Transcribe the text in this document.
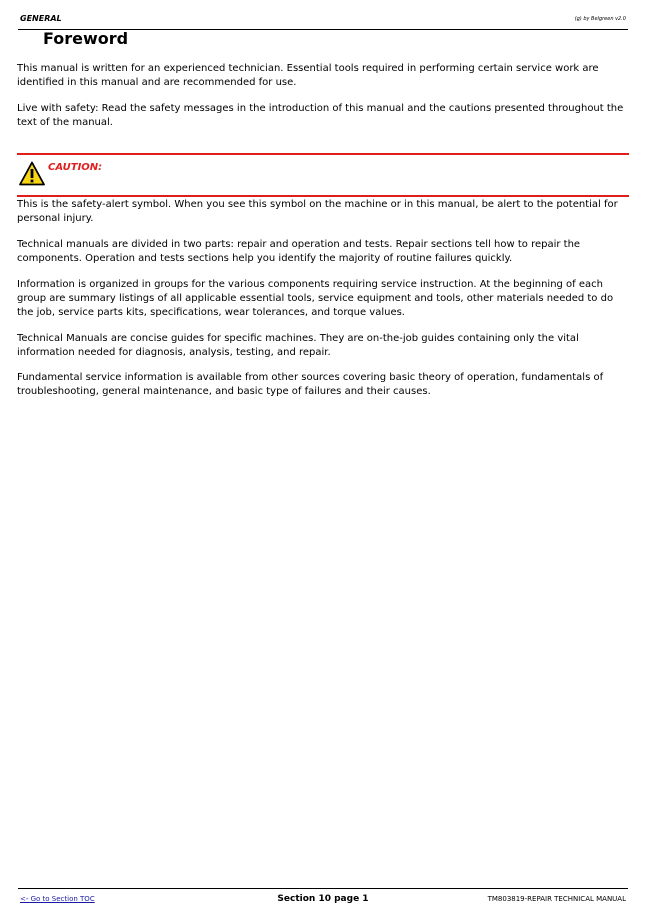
GENERAL	(g) by Belgreen v2.0
Foreword

This manual is written for an experienced technician. Essential tools required in performing certain service work are identified in this manual and are recommended for use.

Live with safety: Read the safety messages in the introduction of this manual and the cautions presented throughout the text of the manual.

CAUTION:

This is the safety-alert symbol. When you see this symbol on the machine or in this manual, be alert to the potential for personal injury.

Technical manuals are divided in two parts: repair and operation and tests. Repair sections tell how to repair the components. Operation and tests sections help you identify the majority of routine failures quickly.

Information is organized in groups for the various components requiring service instruction. At the beginning of each group are summary listings of all applicable essential tools, service equipment and tools, other materials needed to do the job, service parts kits, specifications, wear tolerances, and torque values.

Technical Manuals are concise guides for specific machines. They are on-the-job guides containing only the vital information needed for diagnosis, analysis, testing, and repair.

Fundamental service information is available from other sources covering basic theory of operation, fundamentals of troubleshooting, general maintenance, and basic type of failures and their causes.

<- Go to Section TOC	Section 10 page 1	TM803819-REPAIR TECHNICAL MANUAL
